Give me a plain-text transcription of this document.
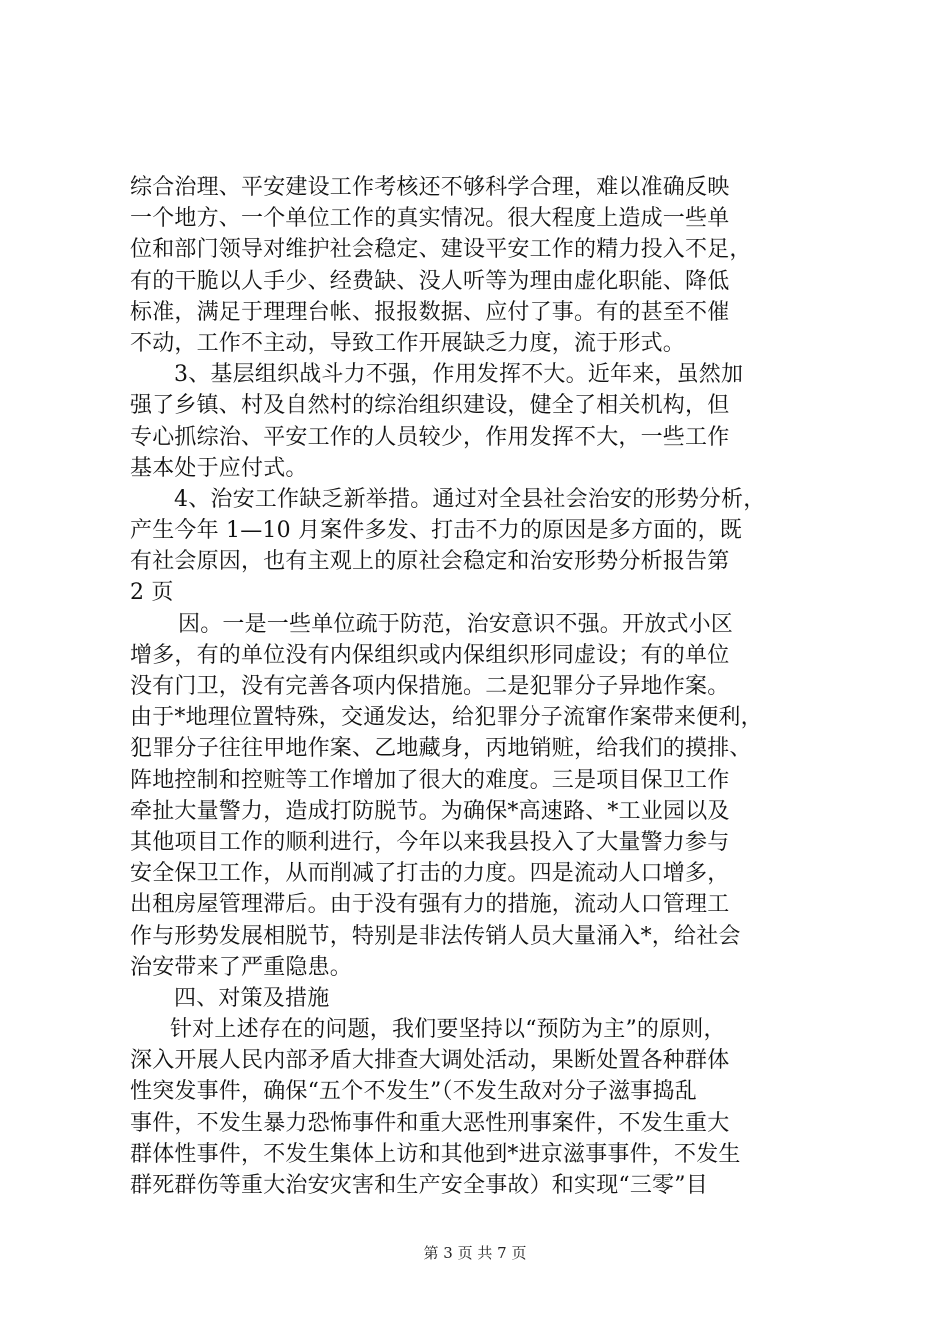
综合治理、平安建设工作考核还不够科学合理，难以准确反映
一个地方、一个单位工作的真实情况。很大程度上造成一些单
位和部门领导对维护社会稳定、建设平安工作的精力投入不足，
有的干脆以人手少、经费缺、没人听等为理由虚化职能、降低
标准，满足于理理台帐、报报数据、应付了事。有的甚至不催
不动，工作不主动，导致工作开展缺乏力度，流于形式。
3、基层组织战斗力不强，作用发挥不大。近年来，虽然加
强了乡镇、村及自然村的综治组织建设，健全了相关机构，但
专心抓综治、平安工作的人员较少，作用发挥不大，一些工作
基本处于应付式。
4、治安工作缺乏新举措。通过对全县社会治安的形势分析，
产生今年 1—10 月案件多发、打击不力的原因是多方面的，既
有社会原因，也有主观上的原社会稳定和治安形势分析报告第
2 页
因。一是一些单位疏于防范，治安意识不强。开放式小区
增多，有的单位没有内保组织或内保组织形同虚设；有的单位
没有门卫，没有完善各项内保措施。二是犯罪分子异地作案。
由于*地理位置特殊，交通发达，给犯罪分子流窜作案带来便利，
犯罪分子往往甲地作案、乙地藏身，丙地销赃，给我们的摸排、
阵地控制和控赃等工作增加了很大的难度。三是项目保卫工作
牵扯大量警力，造成打防脱节。为确保*高速路、*工业园以及
其他项目工作的顺利进行，今年以来我县投入了大量警力参与
安全保卫工作，从而削减了打击的力度。四是流动人口增多，
出租房屋管理滞后。由于没有强有力的措施，流动人口管理工
作与形势发展相脱节，特别是非法传销人员大量涌入*，给社会
治安带来了严重隐患。
四、对策及措施
针对上述存在的问题，我们要坚持以“预防为主”的原则，
深入开展人民内部矛盾大排查大调处活动，果断处置各种群体
性突发事件，确保“五个不发生”（不发生敌对分子滋事捣乱
事件，不发生暴力恐怖事件和重大恶性刑事案件，不发生重大
群体性事件，不发生集体上访和其他到*进京滋事事件，不发生
群死群伤等重大治安灾害和生产安全事故）和实现“三零”目
第 3 页 共 7 页
